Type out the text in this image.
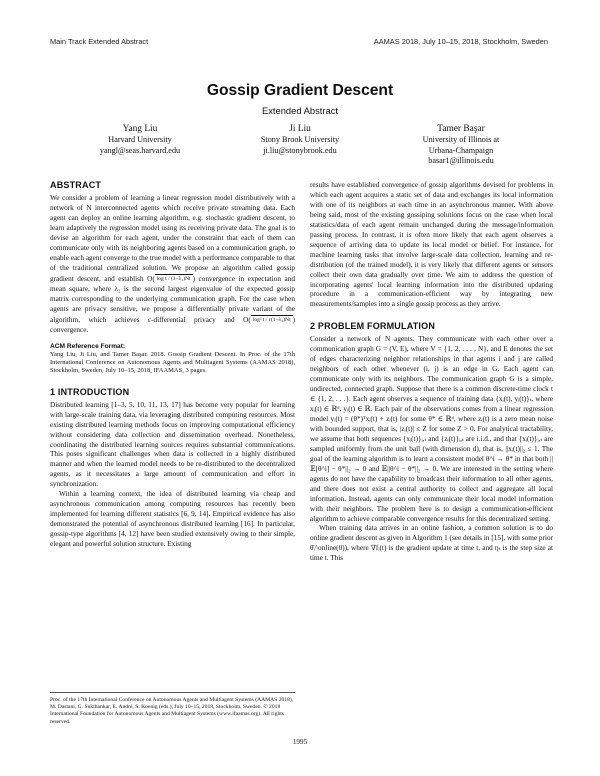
Main Track Extended Abstract	AAMAS 2018, July 10–15, 2018, Stockholm, Sweden
Gossip Gradient Descent
Extended Abstract
Yang Liu
Harvard University
yangl@seas.harvard.edu
Ji Liu
Stony Brook University
ji.liu@stonybrook.edu
Tamer Başar
University of Illinois at
Urbana-Champaign
basar1@illinois.edu
ABSTRACT

We consider a problem of learning a linear regression model distributively with a network of N interconnected agents which receive private streaming data. Each agent can deploy an online learning algorithm, e.g. stochastic gradient descent, to learn adaptively the regression model using its receiving private data. The goal is to devise an algorithm for each agent, under the constraint that each of them can communicate only with its neighboring agents based on a communication graph, to enable each agent converge to the true model with a performance comparable to that of the traditional centralized solution. We propose an algorithm called gossip gradient descent, and establish O( log t / (1−λ₂)Nt ) convergence in expectation and mean square, where λ₂ is the second largest eigenvalue of the expected gossip matrix corresponding to the underlying communication graph. For the case when agents are privacy sensitive, we propose a differentially private variant of the algorithm, which achieves ε-differential privacy and O( log² t / ε(1−λ₂)Nt ) convergence.

ACM Reference Format:
Yang Liu, Ji Liu, and Tamer Başar. 2018. Gossip Gradient Descent. In Proc. of the 17th International Conference on Autonomous Agents and Multiagent Systems (AAMAS 2018), Stockholm, Sweden, July 10–15, 2018, IFAAMAS, 3 pages.
1 INTRODUCTION

Distributed learning [1–3, 5, 10, 11, 13, 17] has become very popular for learning with large-scale training data, via leveraging distributed computing resources. Most existing distributed learning methods focus on improving computational efficiency without considering data collection and dissemination overhead. Nonetheless, coordinating the distributed learning sources requires substantial communications. This poses significant challenges when data is collected in a highly distributed manner and when the learned model needs to be re-distributed to the decentralized agents, as it necessitates a large amount of communication and effort in synchronization.

Within a learning context, the idea of distributed learning via cheap and asynchronous communication among computing resources has recently been implemented for learning different statistics [6, 9, 14]. Empirical evidence has also demonstrated the potential of asynchronous distributed learning [16]. In particular, gossip-type algorithms [4, 12] have been studied extensively owing to their simple, elegant and powerful solution structure. Existing

results have established convergence of gossip algorithms devised for problems in which each agent acquires a static set of data and exchanges its local information with one of its neighbors at each time in an asynchronous manner. With above being said, most of the existing gossiping solutions focus on the case when local statistics/data of each agent remain unchanged during the message/information passing process. In contrast, it is often more likely that each agent observes a sequence of arriving data to update its local model or belief. For instance, for machine learning tasks that involve large-scale data collection, learning and re-distribution (of the trained model), it is very likely that different agents or sensors collect their own data gradually over time. We aim to address the question of incorporating agents' local learning information into the distributed updating procedure in a communication-efficient way by integrating new measurements/samples into a single gossip process as they arrive.

2 PROBLEM FORMULATION

Consider a network of N agents. They communicate with each other over a communication graph G = (V, E), where V = {1, 2, . . . , N}, and E denotes the set of edges characterizing neighbor relationships in that agents i and j are called neighbors of each other whenever (i, j) is an edge in G. Each agent can communicate only with its neighbors. The communication graph G is a simple, undirected, connected graph. Suppose that there is a common discrete-time clock t ∈ {1, 2, . . .}. Each agent observes a sequence of training data {xᵢ(t), yᵢ(t)}ₜ, where xᵢ(t) ∈ ℝᵈ, yᵢ(t) ∈ ℝ. Each pair of the observations comes from a linear regression model yᵢ(t) = (θ*)ᵀxᵢ(t) + zᵢ(t) for some θ* ∈ ℝᵈ, where zᵢ(t) is a zero mean noise with bounded support, that is, |zᵢ(t)| ≤ Z for some Z > 0. For analytical tractability, we assume that both sequences {xᵢ(t)}ᵢ,ₜ and {zᵢ(t)}ᵢ,ₜ are i.i.d., and that {xᵢ(t)}ᵢ,ₜ are sampled uniformly from the unit ball (with dimension d), that is, ||xᵢ(t)||₂ ≤ 1. The goal of the learning algorithm is to learn a consistent model θ^i → θ* in that both ||𝔼[θ^i] − θ*||₂ → 0 and 𝔼||θ^i − θ*||₂ → 0. We are interested in the setting where agents do not have the capability to broadcast their information to all other agents, and there does not exist a central authority to collect and aggregate all local information. Instead, agents can only communicate their local model information with their neighbors. The problem here is to design a communication-efficient algorithm to achieve comparable convergence results for this decentralized setting.

When training data arrives in an online fashion, a common solution is to do online gradient descent as given in Algorithm 1 (see details in [15], with some prior θ̂ᵢ^online(0)), where ∇fᵢ(t) is the gradient update at time t, and ηₜ is the step size at time t. This

Proc. of the 17th International Conference on Autonomous Agents and Multiagent Systems (AAMAS 2018), M. Dastani, G. Sukthankar, E. André, S. Koenig (eds.), July 10–15, 2018, Stockholm, Sweden. © 2018 International Foundation for Autonomous Agents and Multiagent Systems (www.ifaamas.org). All rights reserved.
1995
